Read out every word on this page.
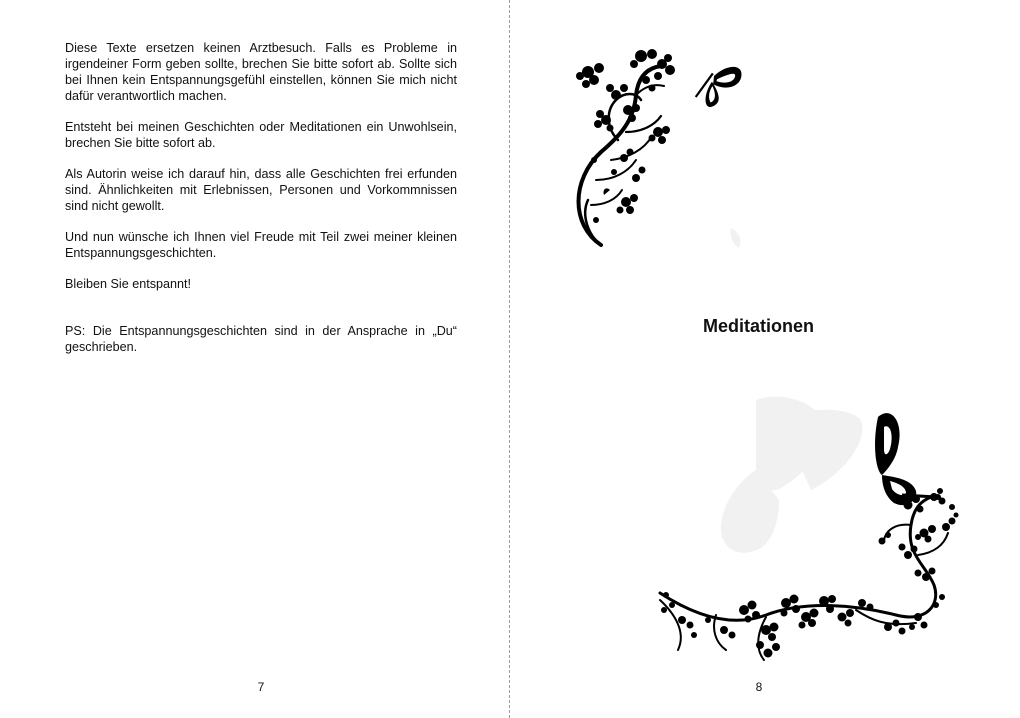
Diese Texte ersetzen keinen Arztbesuch. Falls es Probleme in irgendeiner Form geben sollte, brechen Sie bitte sofort ab. Sollte sich bei Ihnen kein Entspannungsgefühl einstellen, können Sie mich nicht dafür verantwortlich machen.

Entsteht bei meinen Geschichten oder Meditationen ein Unwohlsein, brechen Sie bitte sofort ab.

Als Autorin weise ich darauf hin, dass alle Geschichten frei erfunden sind. Ähnlichkeiten mit Erlebnissen, Personen und Vorkommnissen sind nicht gewollt.

Und nun wünsche ich Ihnen viel Freude mit Teil zwei meiner kleinen Entspannungsgeschichten.

Bleiben Sie entspannt!

PS: Die Entspannungsgeschichten sind in der Ansprache in „Du“ geschrieben.

7
Meditationen
8
